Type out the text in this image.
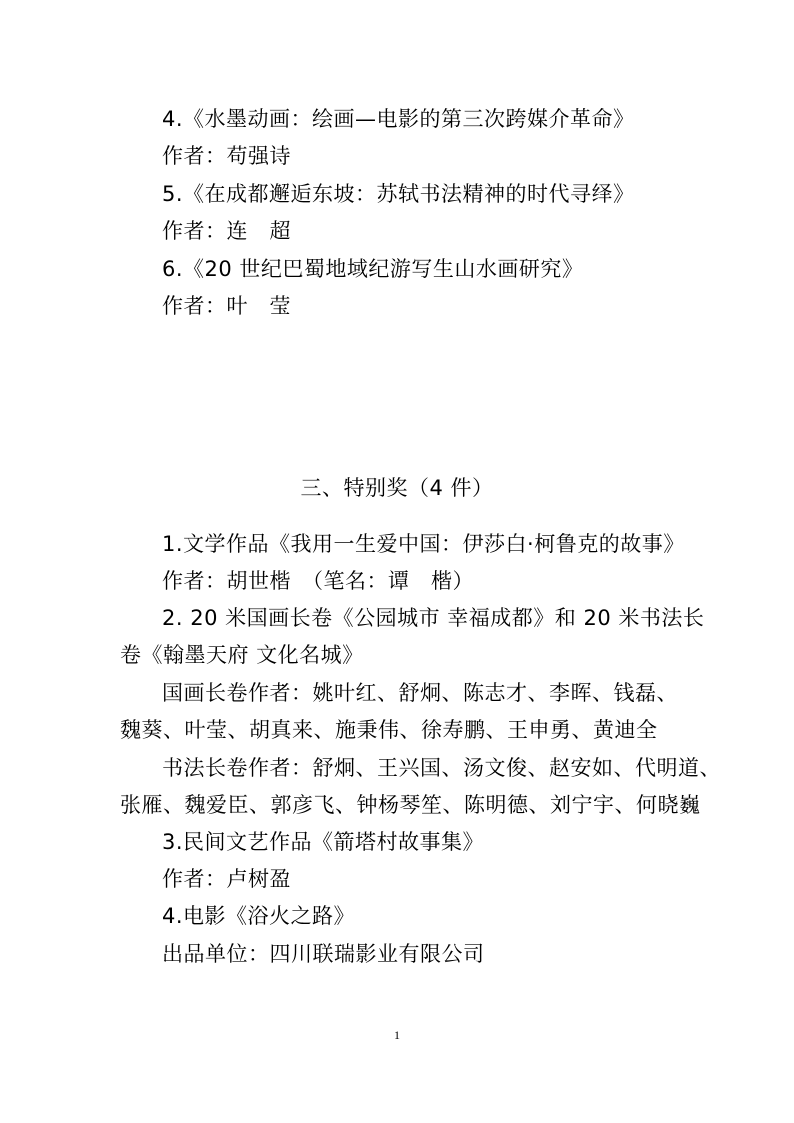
4.《水墨动画：绘画—电影的第三次跨媒介革命》
作者：苟强诗
5.《在成都邂逅东坡：苏轼书法精神的时代寻绎》
作者：连　超
6.《20 世纪巴蜀地域纪游写生山水画研究》
作者：叶　莹
三、特别奖（4 件）
1.文学作品《我用一生爱中国：伊莎白·柯鲁克的故事》
作者：胡世楷　（笔名：谭　楷）
2. 20 米国画长卷《公园城市 幸福成都》和 20 米书法长
卷《翰墨天府 文化名城》
国画长卷作者：姚叶红、舒炯、陈志才、李晖、钱磊、
魏葵、叶莹、胡真来、施秉伟、徐寿鹏、王申勇、黄迪全
书法长卷作者：舒炯、王兴国、汤文俊、赵安如、代明道、
张雁、魏爱臣、郭彦飞、钟杨琴笙、陈明德、刘宁宇、何晓巍
3.民间文艺作品《箭塔村故事集》
作者：卢树盈
4.电影《浴火之路》
出品单位：四川联瑞影业有限公司
1
